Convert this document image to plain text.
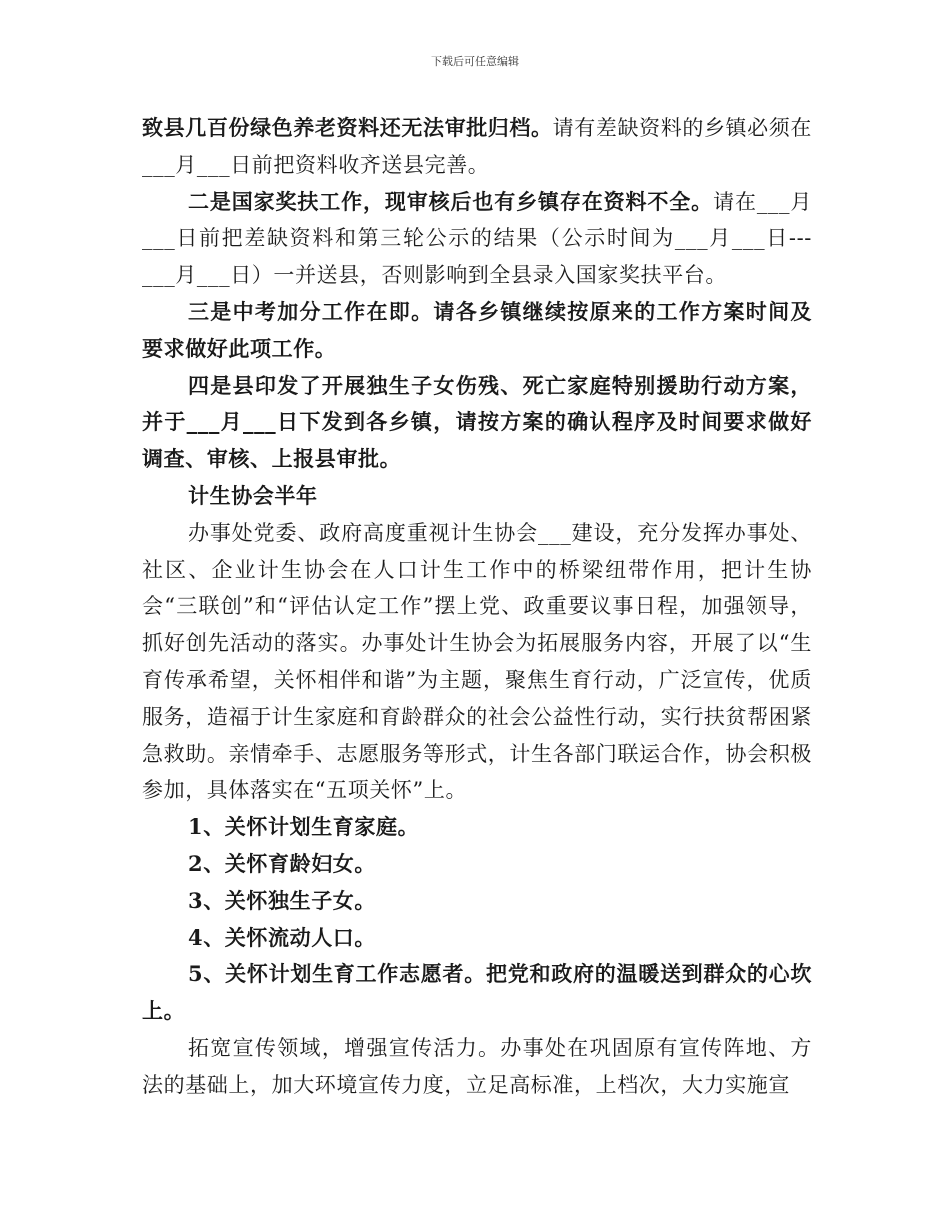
下载后可任意编辑

致县几百份绿色养老资料还无法审批归档。请有差缺资料的乡镇必须在___月___日前把资料收齐送县完善。

二是国家奖扶工作，现审核后也有乡镇存在资料不全。请在___月___日前把差缺资料和第三轮公示的结果（公示时间为___月___日---___月___日）一并送县，否则影响到全县录入国家奖扶平台。

三是中考加分工作在即。请各乡镇继续按原来的工作方案时间及要求做好此项工作。

四是县印发了开展独生子女伤残、死亡家庭特别援助行动方案，并于___月___日下发到各乡镇，请按方案的确认程序及时间要求做好调查、审核、上报县审批。

计生协会半年

办事处党委、政府高度重视计生协会___建设，充分发挥办事处、社区、企业计生协会在人口计生工作中的桥梁纽带作用，把计生协会“三联创”和“评估认定工作”摆上党、政重要议事日程，加强领导，抓好创先活动的落实。办事处计生协会为拓展服务内容，开展了以“生育传承希望，关怀相伴和谐”为主题，聚焦生育行动，广泛宣传，优质服务，造福于计生家庭和育龄群众的社会公益性行动，实行扶贫帮困紧急救助。亲情牵手、志愿服务等形式，计生各部门联运合作，协会积极参加，具体落实在“五项关怀”上。

1、关怀计划生育家庭。

2、关怀育龄妇女。

3、关怀独生子女。

4、关怀流动人口。

5、关怀计划生育工作志愿者。把党和政府的温暖送到群众的心坎上。

拓宽宣传领域，增强宣传活力。办事处在巩固原有宣传阵地、方法的基础上，加大环境宣传力度，立足高标准，上档次，大力实施宣
